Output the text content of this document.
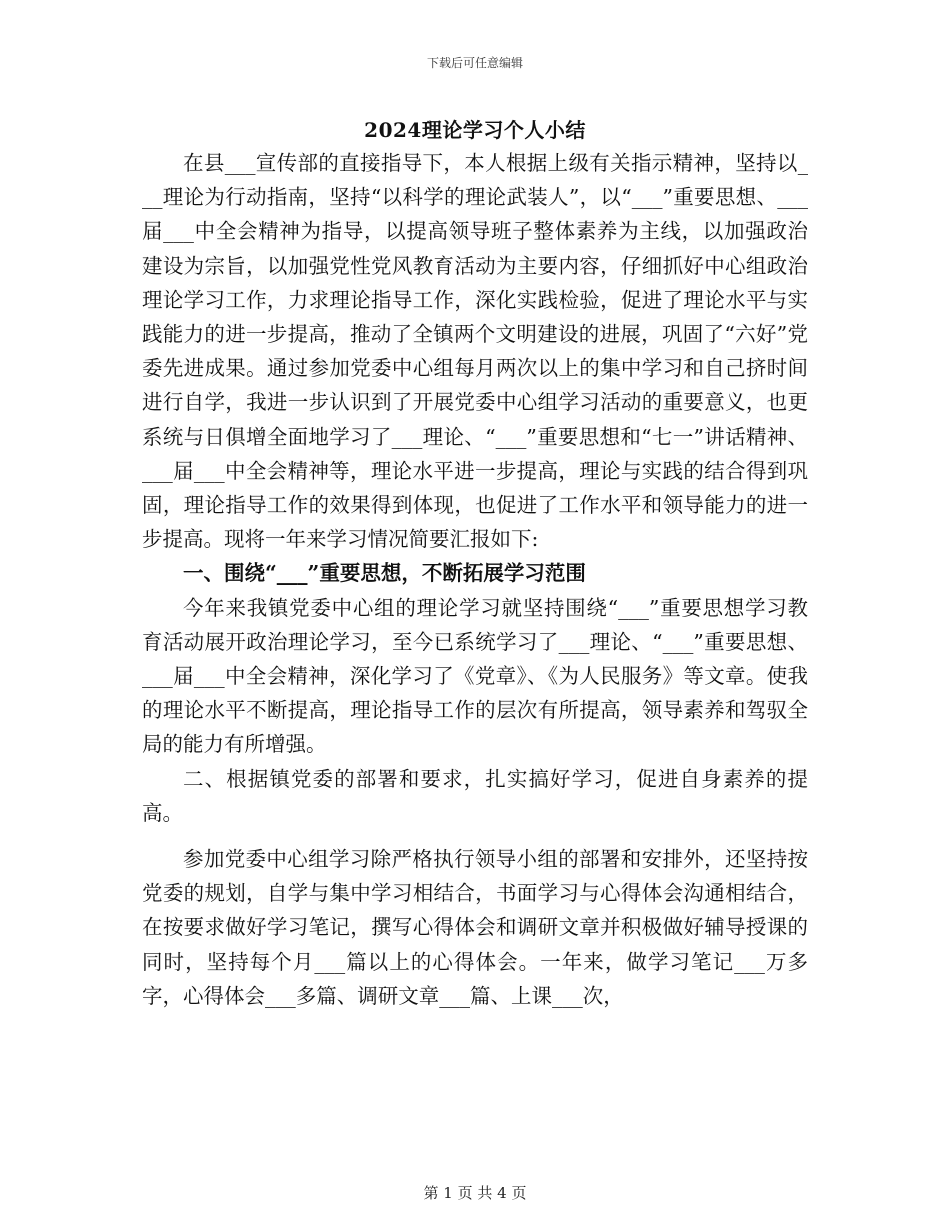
下载后可任意编辑
2024理论学习个人小结

在县___宣传部的直接指导下，本人根据上级有关指示精神，坚持以___理论为行动指南，坚持“以科学的理论武装人”，以“___”重要思想、___届___中全会精神为指导，以提高领导班子整体素养为主线，以加强政治建设为宗旨，以加强党性党风教育活动为主要内容，仔细抓好中心组政治理论学习工作，力求理论指导工作，深化实践检验，促进了理论水平与实践能力的进一步提高，推动了全镇两个文明建设的进展，巩固了“六好”党委先进成果。通过参加党委中心组每月两次以上的集中学习和自己挤时间进行自学，我进一步认识到了开展党委中心组学习活动的重要意义，也更系统与日俱增全面地学习了___理论、“___”重要思想和“七一”讲话精神、___届___中全会精神等，理论水平进一步提高，理论与实践的结合得到巩固，理论指导工作的效果得到体现，也促进了工作水平和领导能力的进一步提高。现将一年来学习情况简要汇报如下:

一、围绕“___”重要思想，不断拓展学习范围

今年来我镇党委中心组的理论学习就坚持围绕“___”重要思想学习教育活动展开政治理论学习，至今已系统学习了___理论、“___”重要思想、___届___中全会精神，深化学习了《党章》、《为人民服务》等文章。使我的理论水平不断提高，理论指导工作的层次有所提高，领导素养和驾驭全局的能力有所增强。

二、根据镇党委的部署和要求，扎实搞好学习，促进自身素养的提高。

参加党委中心组学习除严格执行领导小组的部署和安排外，还坚持按党委的规划，自学与集中学习相结合，书面学习与心得体会沟通相结合，在按要求做好学习笔记，撰写心得体会和调研文章并积极做好辅导授课的同时，坚持每个月___篇以上的心得体会。一年来，做学习笔记___万多字，心得体会___多篇、调研文章___篇、上课___次，

第 1 页 共 4 页
